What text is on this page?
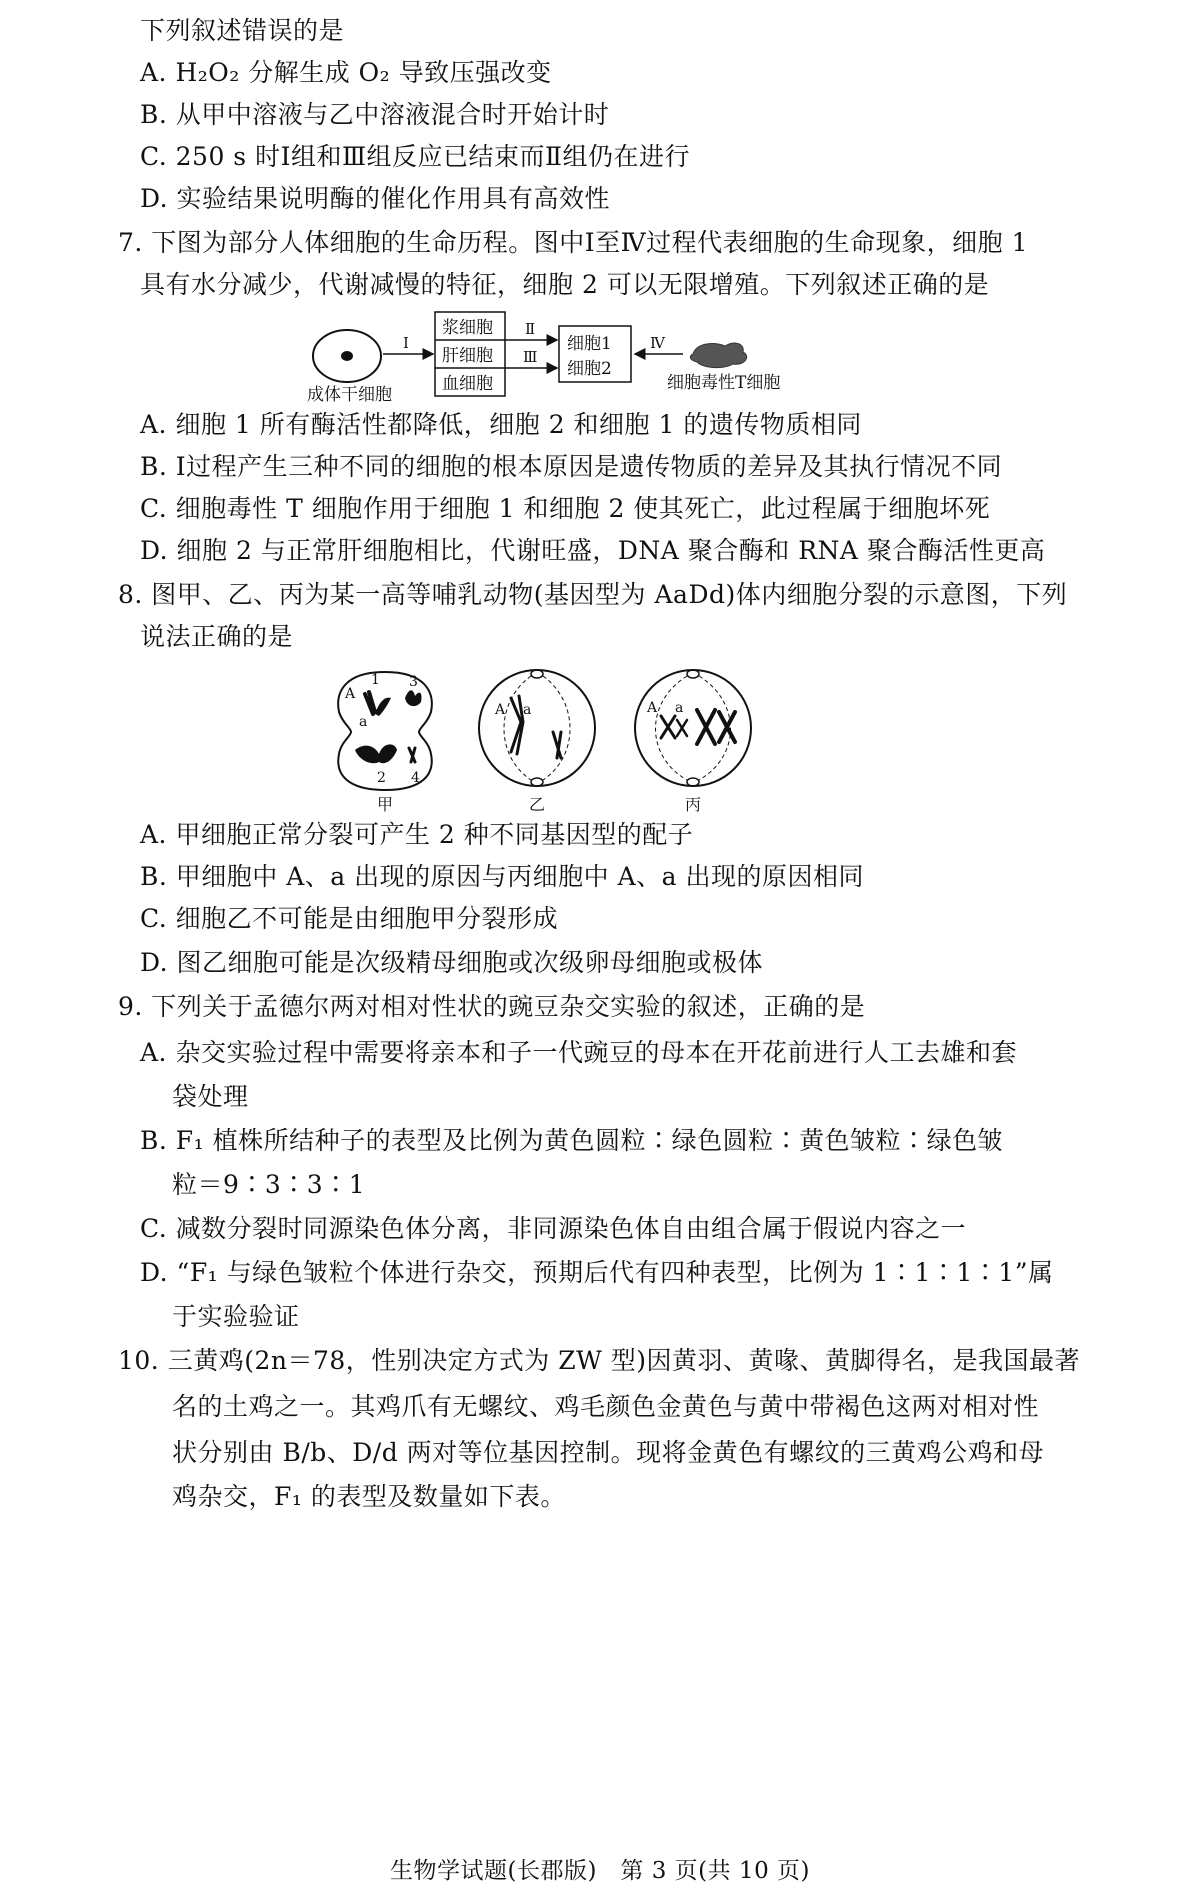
下列叙述错误的是
A. H₂O₂ 分解生成 O₂ 导致压强改变
B. 从甲中溶液与乙中溶液混合时开始计时
C. 250 s 时Ⅰ组和Ⅲ组反应已结束而Ⅱ组仍在进行
D. 实验结果说明酶的催化作用具有高效性
7. 下图为部分人体细胞的生命历程。图中Ⅰ至Ⅳ过程代表细胞的生命现象，细胞 1
具有水分减少，代谢减慢的特征，细胞 2 可以无限增殖。下列叙述正确的是
成体干细胞
Ⅰ
浆细胞
肝细胞
血细胞
Ⅱ
Ⅲ
细胞1
细胞2
Ⅳ
细胞毒性T细胞
A. 细胞 1 所有酶活性都降低，细胞 2 和细胞 1 的遗传物质相同
B. Ⅰ过程产生三种不同的细胞的根本原因是遗传物质的差异及其执行情况不同
C. 细胞毒性 T 细胞作用于细胞 1 和细胞 2 使其死亡，此过程属于细胞坏死
D. 细胞 2 与正常肝细胞相比，代谢旺盛，DNA 聚合酶和 RNA 聚合酶活性更高
8. 图甲、乙、丙为某一高等哺乳动物(基因型为 AaDd)体内细胞分裂的示意图，下列
说法正确的是
1 3
A
a
2 4
甲
A a
乙
A a
丙
A. 甲细胞正常分裂可产生 2 种不同基因型的配子
B. 甲细胞中 A、a 出现的原因与丙细胞中 A、a 出现的原因相同
C. 细胞乙不可能是由细胞甲分裂形成
D. 图乙细胞可能是次级精母细胞或次级卵母细胞或极体
9. 下列关于孟德尔两对相对性状的豌豆杂交实验的叙述，正确的是
A. 杂交实验过程中需要将亲本和子一代豌豆的母本在开花前进行人工去雄和套
袋处理
B. F₁ 植株所结种子的表型及比例为黄色圆粒∶绿色圆粒∶黄色皱粒∶绿色皱
粒＝9∶3∶3∶1
C. 减数分裂时同源染色体分离，非同源染色体自由组合属于假说内容之一
D. “F₁ 与绿色皱粒个体进行杂交，预期后代有四种表型，比例为 1∶1∶1∶1”属
于实验验证
10. 三黄鸡(2n＝78，性别决定方式为 ZW 型)因黄羽、黄喙、黄脚得名，是我国最著
名的土鸡之一。其鸡爪有无螺纹、鸡毛颜色金黄色与黄中带褐色这两对相对性
状分别由 B/b、D/d 两对等位基因控制。现将金黄色有螺纹的三黄鸡公鸡和母
鸡杂交，F₁ 的表型及数量如下表。
生物学试题(长郡版)　第 3 页(共 10 页)
